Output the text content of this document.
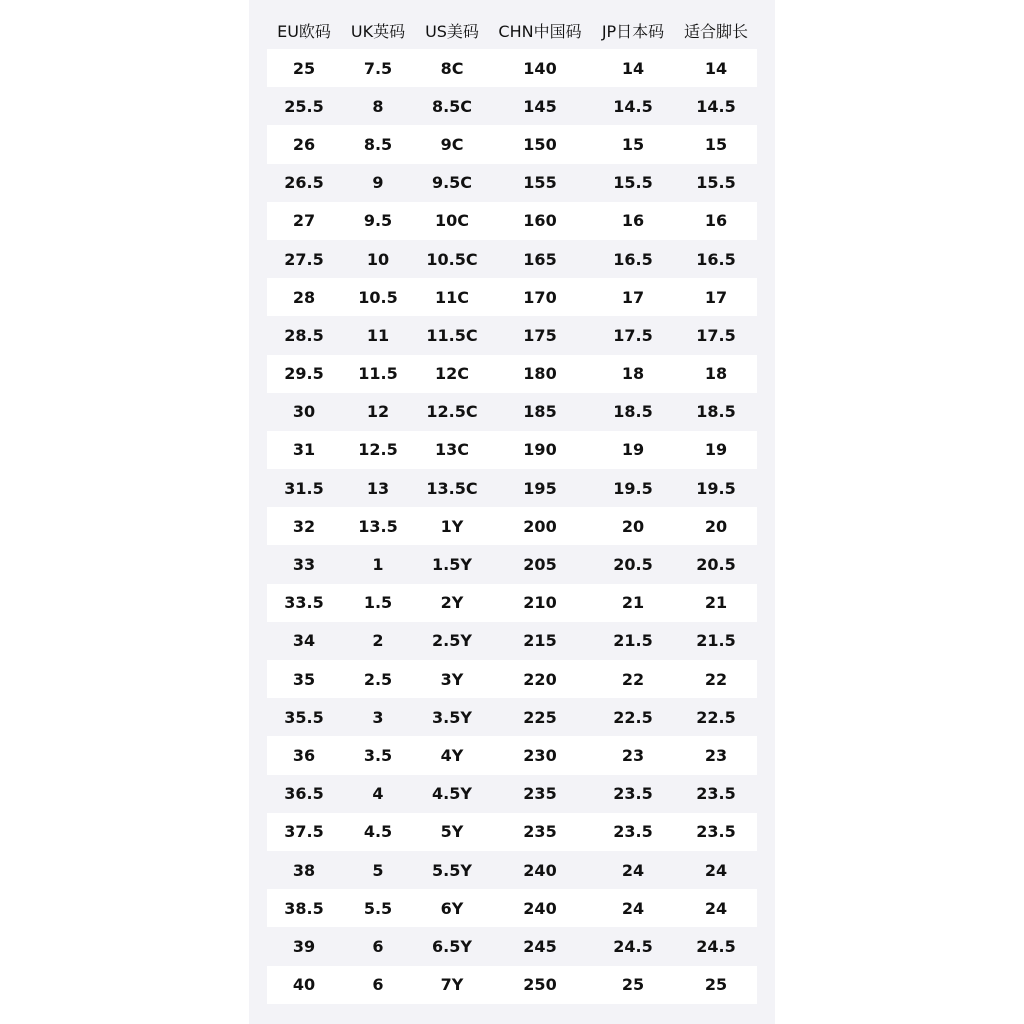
EU欧码	UK英码	US美码	CHN中国码	JP日本码	适合脚长
25	7.5	8C	140	14	14
25.5	8	8.5C	145	14.5	14.5
26	8.5	9C	150	15	15
26.5	9	9.5C	155	15.5	15.5
27	9.5	10C	160	16	16
27.5	10	10.5C	165	16.5	16.5
28	10.5	11C	170	17	17
28.5	11	11.5C	175	17.5	17.5
29.5	11.5	12C	180	18	18
30	12	12.5C	185	18.5	18.5
31	12.5	13C	190	19	19
31.5	13	13.5C	195	19.5	19.5
32	13.5	1Y	200	20	20
33	1	1.5Y	205	20.5	20.5
33.5	1.5	2Y	210	21	21
34	2	2.5Y	215	21.5	21.5
35	2.5	3Y	220	22	22
35.5	3	3.5Y	225	22.5	22.5
36	3.5	4Y	230	23	23
36.5	4	4.5Y	235	23.5	23.5
37.5	4.5	5Y	235	23.5	23.5
38	5	5.5Y	240	24	24
38.5	5.5	6Y	240	24	24
39	6	6.5Y	245	24.5	24.5
40	6	7Y	250	25	25
